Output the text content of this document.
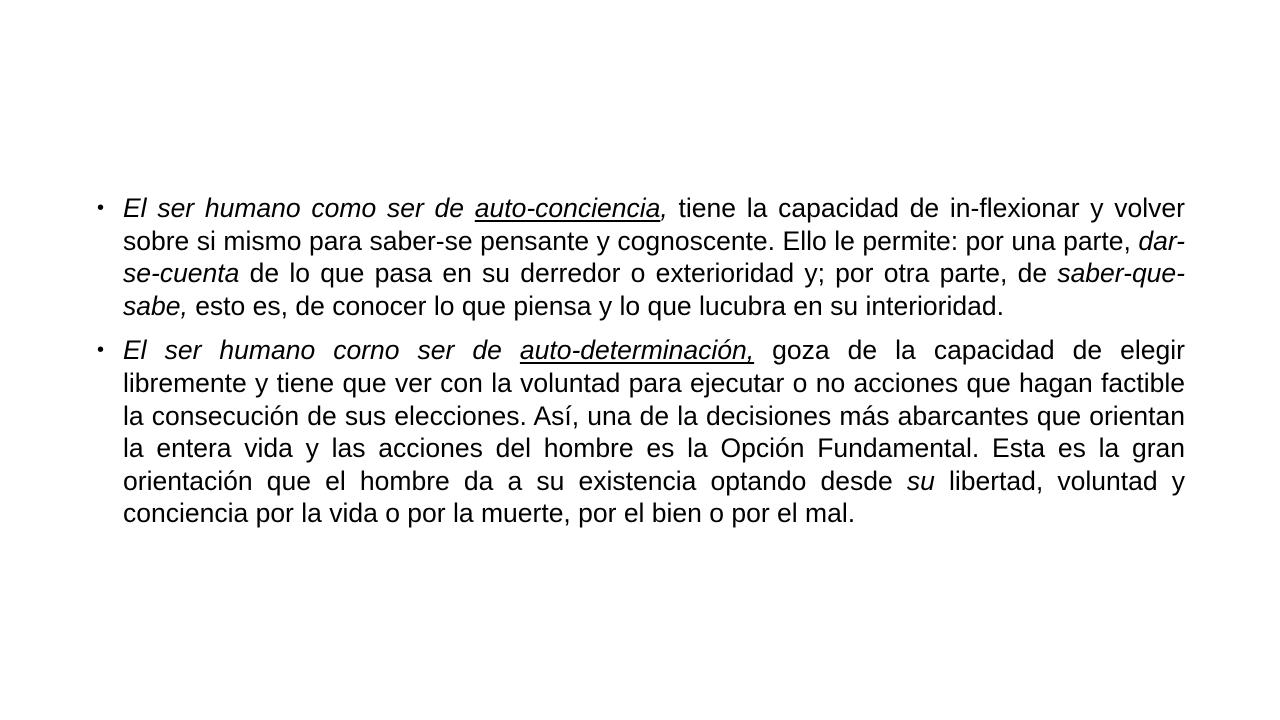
• El ser humano como ser de auto-conciencia, tiene la capacidad de in-flexionar y volver sobre si mismo para saber-se pensante y cognoscente. Ello le permite: por una parte, dar-se-cuenta de lo que pasa en su derredor o exterioridad y; por otra parte, de saber-que-sabe, esto es, de conocer lo que piensa y lo que lucubra en su interioridad.
• El ser humano corno ser de auto-determinación, goza de la capacidad de elegir libremente y tiene que ver con la voluntad para ejecutar o no acciones que hagan factible la consecución de sus elecciones. Así, una de la decisiones más abarcantes que orientan la entera vida y las acciones del hombre es la Opción Fundamental. Esta es la gran orientación que el hombre da a su existencia optando desde su libertad, voluntad y conciencia por la vida o por la muerte, por el bien o por el mal.
